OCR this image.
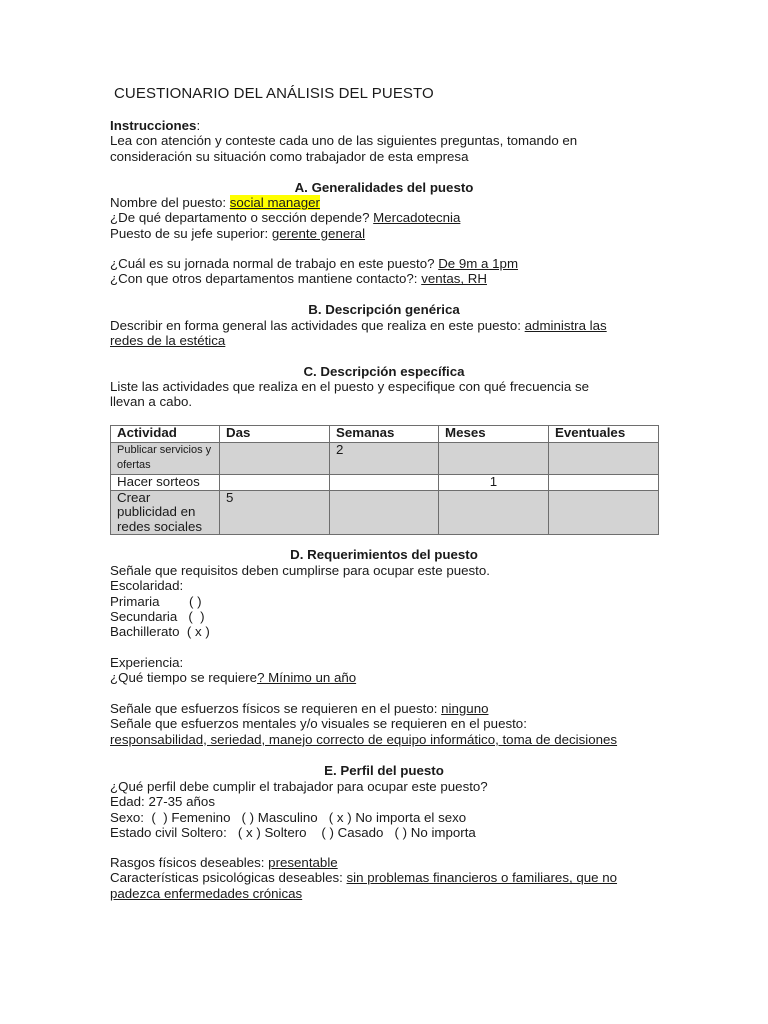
CUESTIONARIO DEL ANÁLISIS DEL PUESTO
Instrucciones:
Lea con atención y conteste cada uno de las siguientes preguntas, tomando en
consideración su situación como trabajador de esta empresa
A. Generalidades del puesto
Nombre del puesto: social manager
¿De qué departamento o sección depende? Mercadotecnia
Puesto de su jefe superior: gerente general
¿Cuál es su jornada normal de trabajo en este puesto? De 9m a 1pm
¿Con que otros departamentos mantiene contacto?: ventas, RH
B. Descripción genérica
Describir en forma general las actividades que realiza en este puesto: administra las
redes de la estética
C. Descripción específica
Liste las actividades que realiza en el puesto y especifique con qué frecuencia se
llevan a cabo.
Actividad	Das	Semanas	Meses	Eventuales
Publicar servicios y ofertas		2		
Hacer sorteos			1	
Crear publicidad en redes sociales	5			
D. Requerimientos del puesto
Señale que requisitos deben cumplirse para ocupar este puesto.
Escolaridad:
Primaria        ( )
Secundaria   (  )
Bachillerato  ( x )
Experiencia:
¿Qué tiempo se requiere? Mínimo un año
Señale que esfuerzos físicos se requieren en el puesto: ninguno
Señale que esfuerzos mentales y/o visuales se requieren en el puesto:
responsabilidad, seriedad, manejo correcto de equipo informático, toma de decisiones
E. Perfil del puesto
¿Qué perfil debe cumplir el trabajador para ocupar este puesto?
Edad: 27-35 años
Sexo:  (  ) Femenino   ( ) Masculino   ( x ) No importa el sexo
Estado civil Soltero:   ( x ) Soltero    ( ) Casado   ( ) No importa
Rasgos físicos deseables: presentable
Características psicológicas deseables: sin problemas financieros o familiares, que no
padezca enfermedades crónicas
